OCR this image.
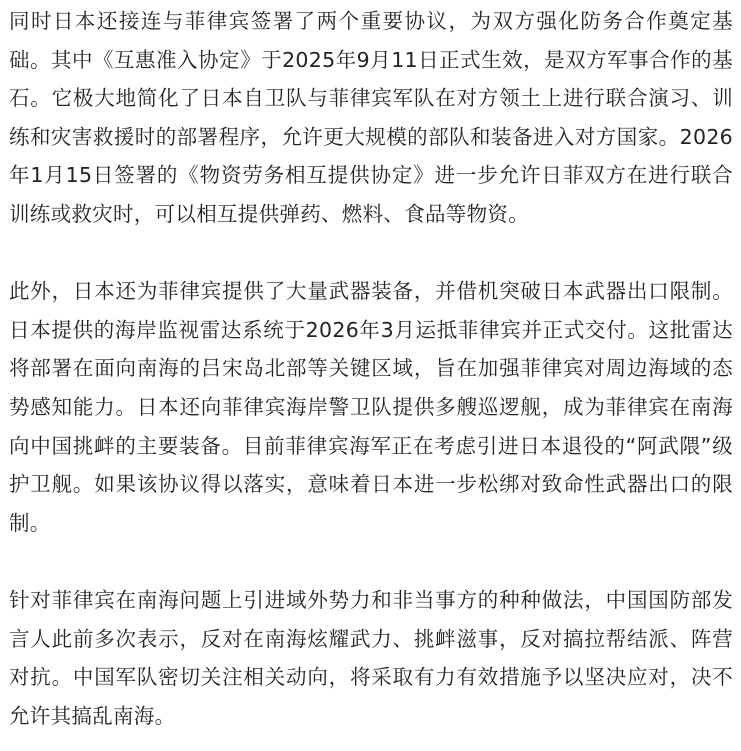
同时日本还接连与菲律宾签署了两个重要协议，为双方强化防务合作奠定基础。其中《互惠准入协定》于2025年9月11日正式生效，是双方军事合作的基石。它极大地简化了日本自卫队与菲律宾军队在对方领土上进行联合演习、训练和灾害救援时的部署程序，允许更大规模的部队和装备进入对方国家。2026年1月15日签署的《物资劳务相互提供协定》进一步允许日菲双方在进行联合训练或救灾时，可以相互提供弹药、燃料、食品等物资。

此外，日本还为菲律宾提供了大量武器装备，并借机突破日本武器出口限制。日本提供的海岸监视雷达系统于2026年3月运抵菲律宾并正式交付。这批雷达将部署在面向南海的吕宋岛北部等关键区域，旨在加强菲律宾对周边海域的态势感知能力。日本还向菲律宾海岸警卫队提供多艘巡逻舰，成为菲律宾在南海向中国挑衅的主要装备。目前菲律宾海军正在考虑引进日本退役的“阿武隈”级护卫舰。如果该协议得以落实，意味着日本进一步松绑对致命性武器出口的限制。

针对菲律宾在南海问题上引进域外势力和非当事方的种种做法，中国国防部发言人此前多次表示，反对在南海炫耀武力、挑衅滋事，反对搞拉帮结派、阵营对抗。中国军队密切关注相关动向，将采取有力有效措施予以坚决应对，决不允许其搞乱南海。
